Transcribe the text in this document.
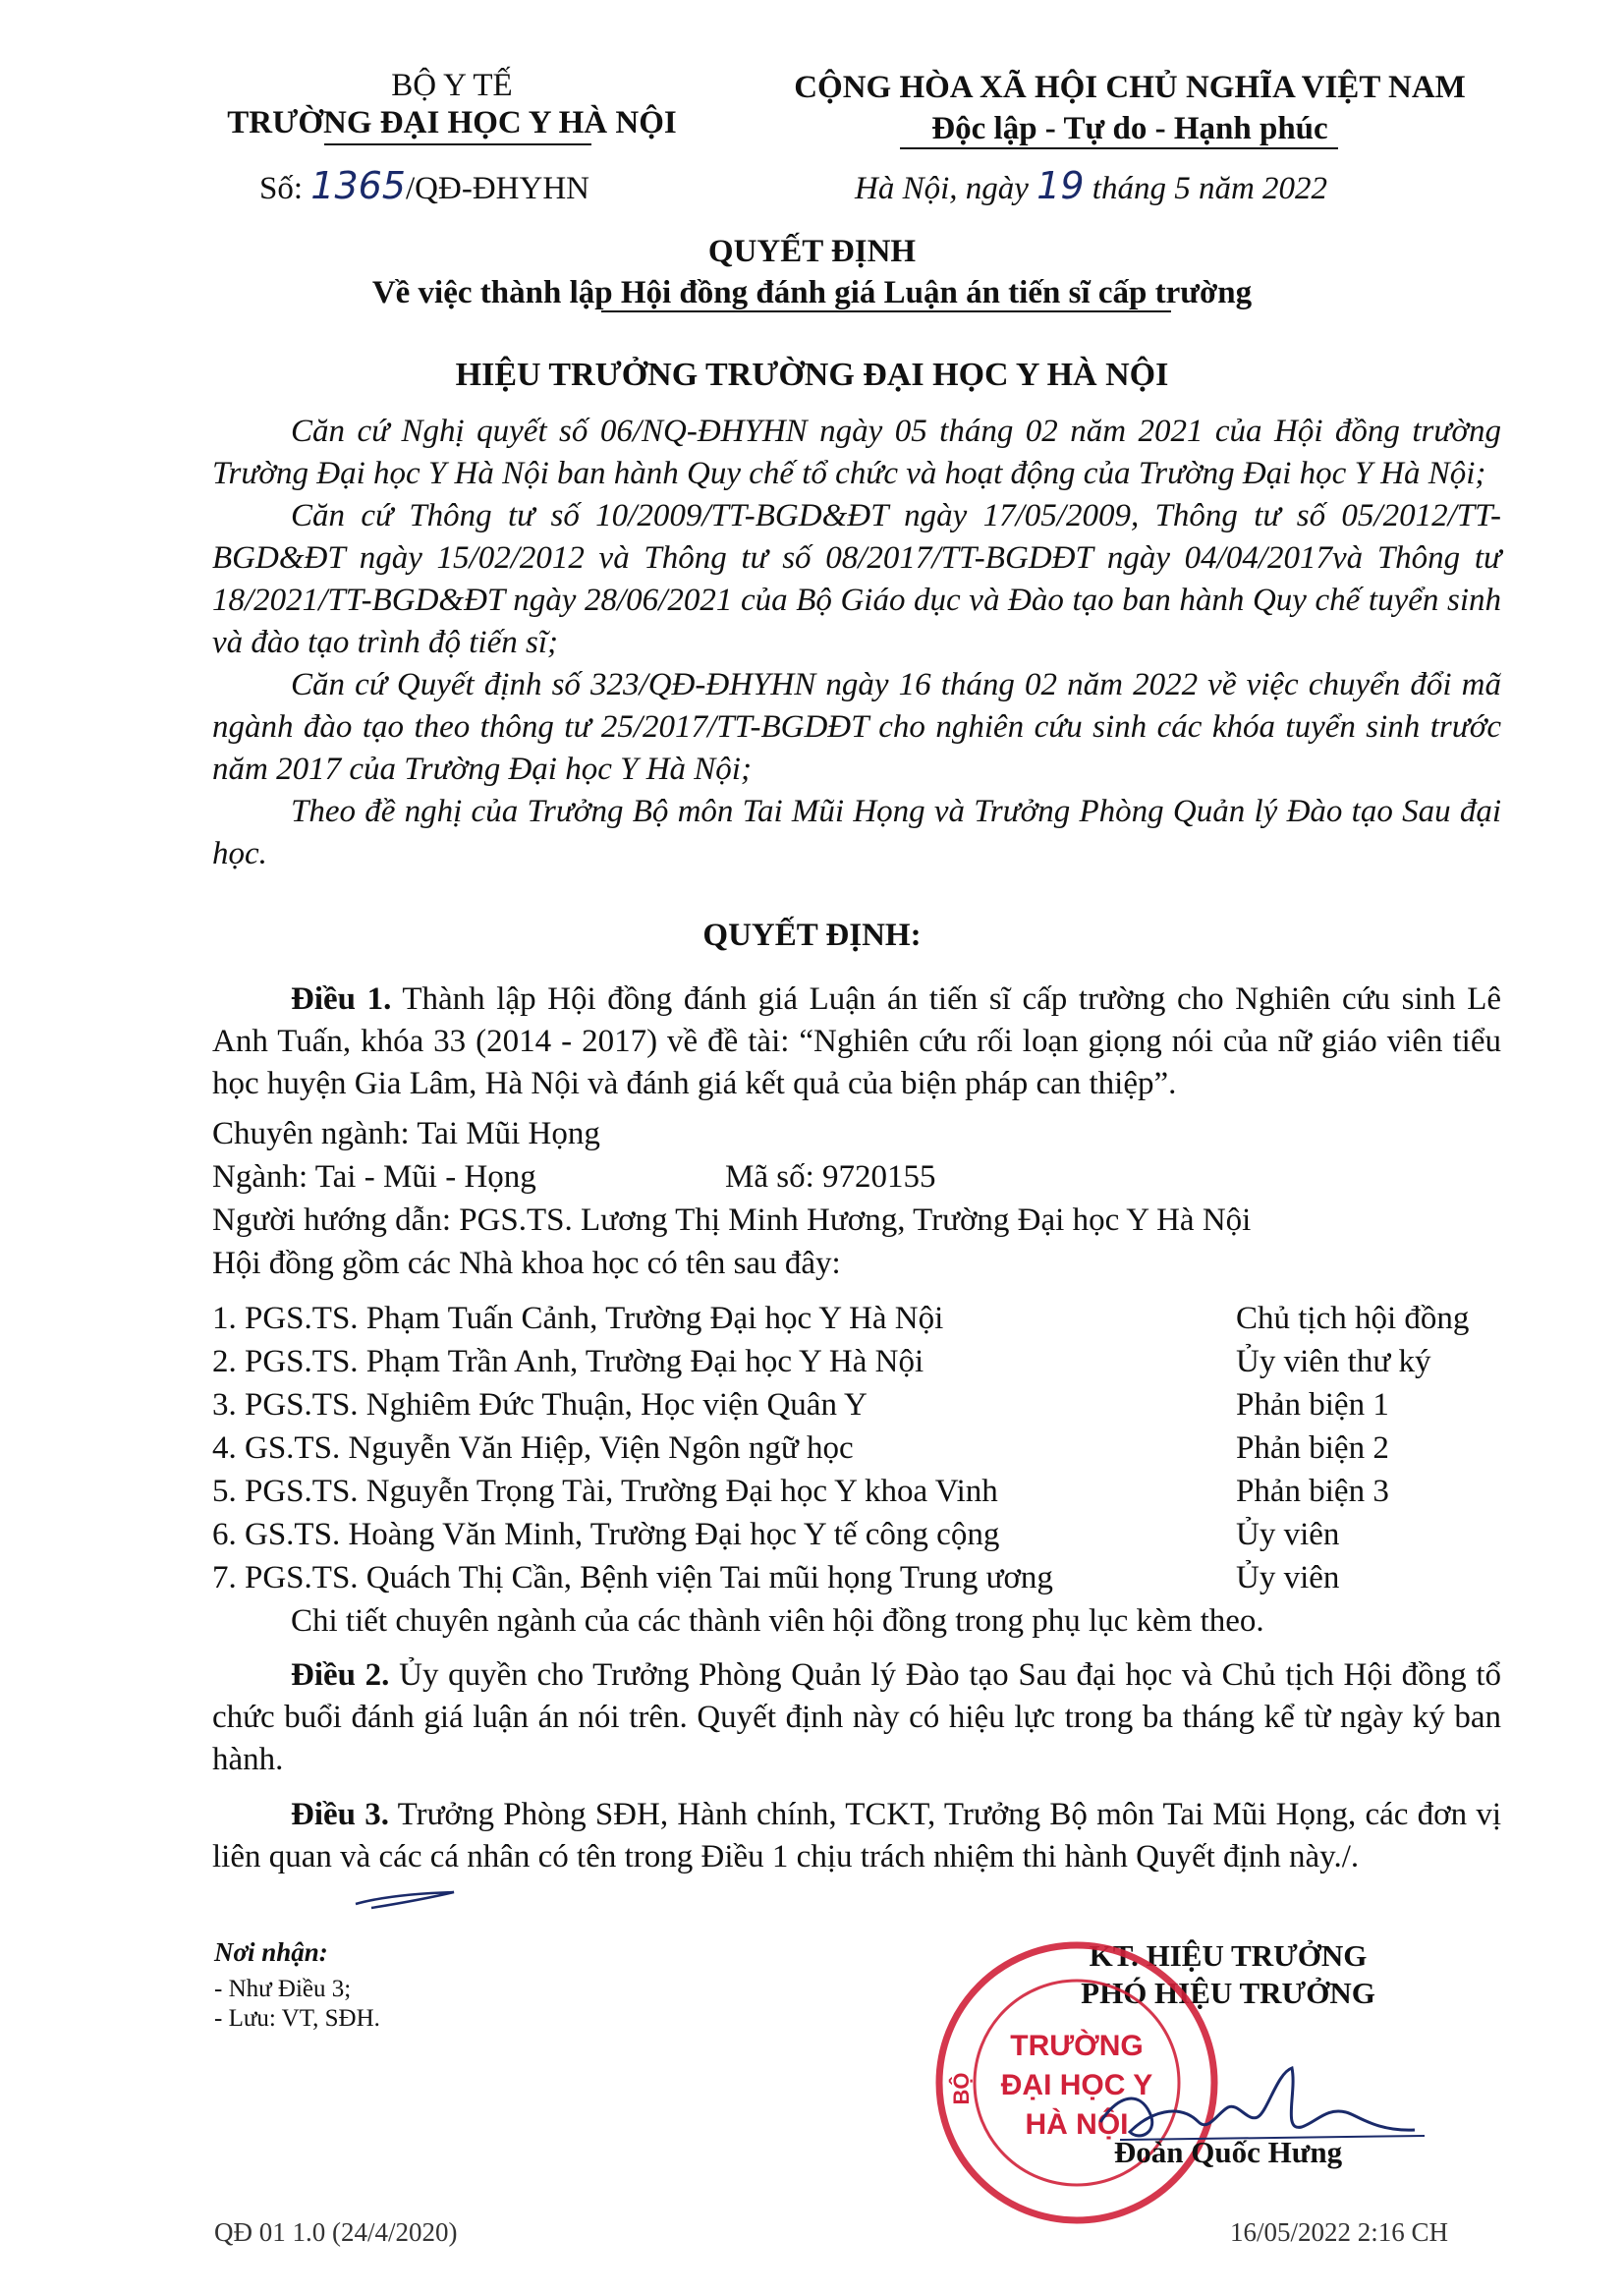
BỘ Y TẾ
TRƯỜNG ĐẠI HỌC Y HÀ NỘI
Số: 1365/QĐ-ĐHYHN
CỘNG HÒA XÃ HỘI CHỦ NGHĨA VIỆT NAM
Độc lập - Tự do - Hạnh phúc
Hà Nội, ngày 19 tháng 5 năm 2022
QUYẾT ĐỊNH
Về việc thành lập Hội đồng đánh giá Luận án tiến sĩ cấp trường
HIỆU TRƯỞNG TRƯỜNG ĐẠI HỌC Y HÀ NỘI

Căn cứ Nghị quyết số 06/NQ-ĐHYHN ngày 05 tháng 02 năm 2021 của Hội đồng trường Trường Đại học Y Hà Nội ban hành Quy chế tổ chức và hoạt động của Trường Đại học Y Hà Nội;

Căn cứ Thông tư số 10/2009/TT-BGD&ĐT ngày 17/05/2009, Thông tư số 05/2012/TT-BGD&ĐT ngày 15/02/2012 và Thông tư số 08/2017/TT-BGDĐT ngày 04/04/2017và Thông tư 18/2021/TT-BGD&ĐT ngày 28/06/2021 của Bộ Giáo dục và Đào tạo ban hành Quy chế tuyển sinh và đào tạo trình độ tiến sĩ;

Căn cứ Quyết định số 323/QĐ-ĐHYHN ngày 16 tháng 02 năm 2022 về việc chuyển đổi mã ngành đào tạo theo thông tư 25/2017/TT-BGDĐT cho nghiên cứu sinh các khóa tuyển sinh trước năm 2017 của Trường Đại học Y Hà Nội;

Theo đề nghị của Trưởng Bộ môn Tai Mũi Họng và Trưởng Phòng Quản lý Đào tạo Sau đại học.

QUYẾT ĐỊNH:

Điều 1. Thành lập Hội đồng đánh giá Luận án tiến sĩ cấp trường cho Nghiên cứu sinh Lê Anh Tuấn, khóa 33 (2014 - 2017) về đề tài: “Nghiên cứu rối loạn giọng nói của nữ giáo viên tiểu học huyện Gia Lâm, Hà Nội và đánh giá kết quả của biện pháp can thiệp”.

Chuyên ngành: Tai Mũi Họng
Ngành: Tai - Mũi - Họng	Mã số: 9720155
Người hướng dẫn: PGS.TS. Lương Thị Minh Hương, Trường Đại học Y Hà Nội
Hội đồng gồm các Nhà khoa học có tên sau đây:
1. PGS.TS. Phạm Tuấn Cảnh, Trường Đại học Y Hà Nội	Chủ tịch hội đồng
2. PGS.TS. Phạm Trần Anh, Trường Đại học Y Hà Nội	Ủy viên thư ký
3. PGS.TS. Nghiêm Đức Thuận, Học viện Quân Y	Phản biện 1
4. GS.TS. Nguyễn Văn Hiệp, Viện Ngôn ngữ học	Phản biện 2
5. PGS.TS. Nguyễn Trọng Tài, Trường Đại học Y khoa Vinh	Phản biện 3
6. GS.TS. Hoàng Văn Minh, Trường Đại học Y tế công cộng	Ủy viên
7. PGS.TS. Quách Thị Cần, Bệnh viện Tai mũi họng Trung ương	Ủy viên
Chi tiết chuyên ngành của các thành viên hội đồng trong phụ lục kèm theo.

Điều 2. Ủy quyền cho Trưởng Phòng Quản lý Đào tạo Sau đại học và Chủ tịch Hội đồng tổ chức buổi đánh giá luận án nói trên. Quyết định này có hiệu lực trong ba tháng kể từ ngày ký ban hành.

Điều 3. Trưởng Phòng SĐH, Hành chính, TCKT, Trưởng Bộ môn Tai Mũi Họng, các đơn vị liên quan và các cá nhân có tên trong Điều 1 chịu trách nhiệm thi hành Quyết định này./.

Nơi nhận:
- Như Điều 3;
- Lưu: VT, SĐH.
KT. HIỆU TRƯỞNG
PHÓ HIỆU TRƯỞNG
TRƯỜNG
ĐẠI HỌC Y
HÀ NỘI
BỘ
Đoàn Quốc Hưng
QĐ 01 1.0 (24/4/2020)	16/05/2022 2:16 CH
